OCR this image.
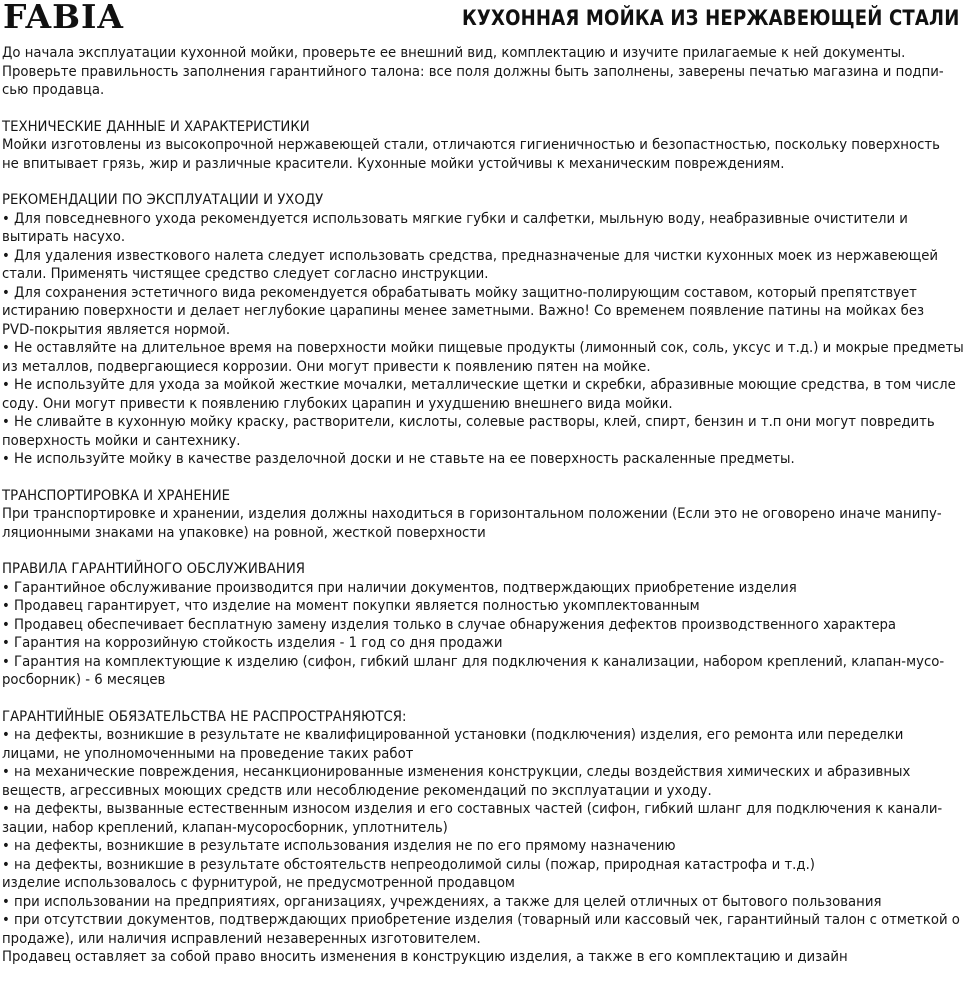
FABIA	КУХОННАЯ МОЙКА ИЗ НЕРЖАВЕЮЩЕЙ СТАЛИ

До начала эксплуатации кухонной мойки, проверьте ее внешний вид, комплектацию и изучите прилагаемые к ней документы.

Проверьте правильность заполнения гарантийного талона: все поля должны быть заполнены, заверены печатью магазина и подпи-

сью продавца.

ТЕХНИЧЕСКИЕ ДАННЫЕ И ХАРАКТЕРИСТИКИ

Мойки изготовлены из высокопрочной нержавеющей стали, отличаются гигиеничностью и безопастностью, поскольку поверхность

не впитывает грязь, жир и различные красители. Кухонные мойки устойчивы к механическим повреждениям.

РЕКОМЕНДАЦИИ ПО ЭКСПЛУАТАЦИИ И УХОДУ

• Для повседневного ухода рекомендуется использовать мягкие губки и салфетки, мыльную воду, неабразивные очистители и
вытирать насухо.
• Для удаления известкового налета следует использовать средства, предназначеные для чистки кухонных моек из нержавеющей
стали. Применять чистящее средство следует согласно инструкции.
• Для сохранения эстетичного вида рекомендуется обрабатывать мойку защитно-полирующим составом, который препятствует
истиранию поверхности и делает неглубокие царапины менее заметными. Важно! Со временем появление патины на мойках без
PVD-покрытия является нормой.
• Не оставляйте на длительное время на поверхности мойки пищевые продукты (лимонный сок, соль, уксус и т.д.) и мокрые предметы
из металлов, подвергающиеся коррозии. Они могут привести к появлению пятен на мойке.
• Не используйте для ухода за мойкой жесткие мочалки, металлические щетки и скребки, абразивные моющие средства, в том числе
соду. Они могут привести к появлению глубоких царапин и ухудшению внешнего вида мойки.
• Не сливайте в кухонную мойку краску, растворители, кислоты, солевые растворы, клей, спирт, бензин и т.п они могут повредить
поверхность мойки и сантехнику.
• Не используйте мойку в качестве разделочной доски и не ставьте на ее поверхность раскаленные предметы.

ТРАНСПОРТИРОВКА И ХРАНЕНИЕ

При транспортировке и хранении, изделия должны находиться в горизонтальном положении (Если это не оговорено иначе манипу-

ляционными знаками на упаковке) на ровной, жесткой поверхности

ПРАВИЛА ГАРАНТИЙНОГО ОБСЛУЖИВАНИЯ

• Гарантийное обслуживание производится при наличии документов, подтверждающих приобретение изделия
• Продавец гарантирует, что изделие на момент покупки является полностью укомплектованным
• Продавец обеспечивает бесплатную замену изделия только в случае обнаружения дефектов производственного характера
• Гарантия на коррозийную стойкость изделия - 1 год со дня продажи
• Гарантия на комплектующие к изделию (сифон, гибкий шланг для подключения к канализации, набором креплений, клапан-мусо-
росборник) - 6 месяцев

ГАРАНТИЙНЫЕ ОБЯЗАТЕЛЬСТВА НЕ РАСПРОСТРАНЯЮТСЯ:

• на дефекты, возникшие в результате не квалифицированной установки (подключения) изделия, его ремонта или переделки
лицами, не уполномоченными на проведение таких работ
• на механические повреждения, несанкционированные изменения конструкции, следы воздействия химических и абразивных
веществ, агрессивных моющих средств или несоблюдение рекомендаций по эксплуатации и уходу.
• на дефекты, вызванные естественным износом изделия и его составных частей (сифон, гибкий шланг для подключения к канали-
зации, набор креплений, клапан-мусоросборник, уплотнитель)
• на дефекты, возникшие в результате использования изделия не по его прямому назначению
• на дефекты, возникшие в результате обстоятельств непреодолимой силы (пожар, природная катастрофа и т.д.)
изделие использовалось с фурнитурой, не предусмотренной продавцом
• при использовании на предприятиях, организациях, учреждениях, а также для целей отличных от бытового пользования
• при отсутствии документов, подтверждающих приобретение изделия (товарный или кассовый чек, гарантийный талон с отметкой о
продаже), или наличия исправлений незаверенных изготовителем.

Продавец оставляет за собой право вносить изменения в конструкцию изделия, а также в его комплектацию и дизайн
